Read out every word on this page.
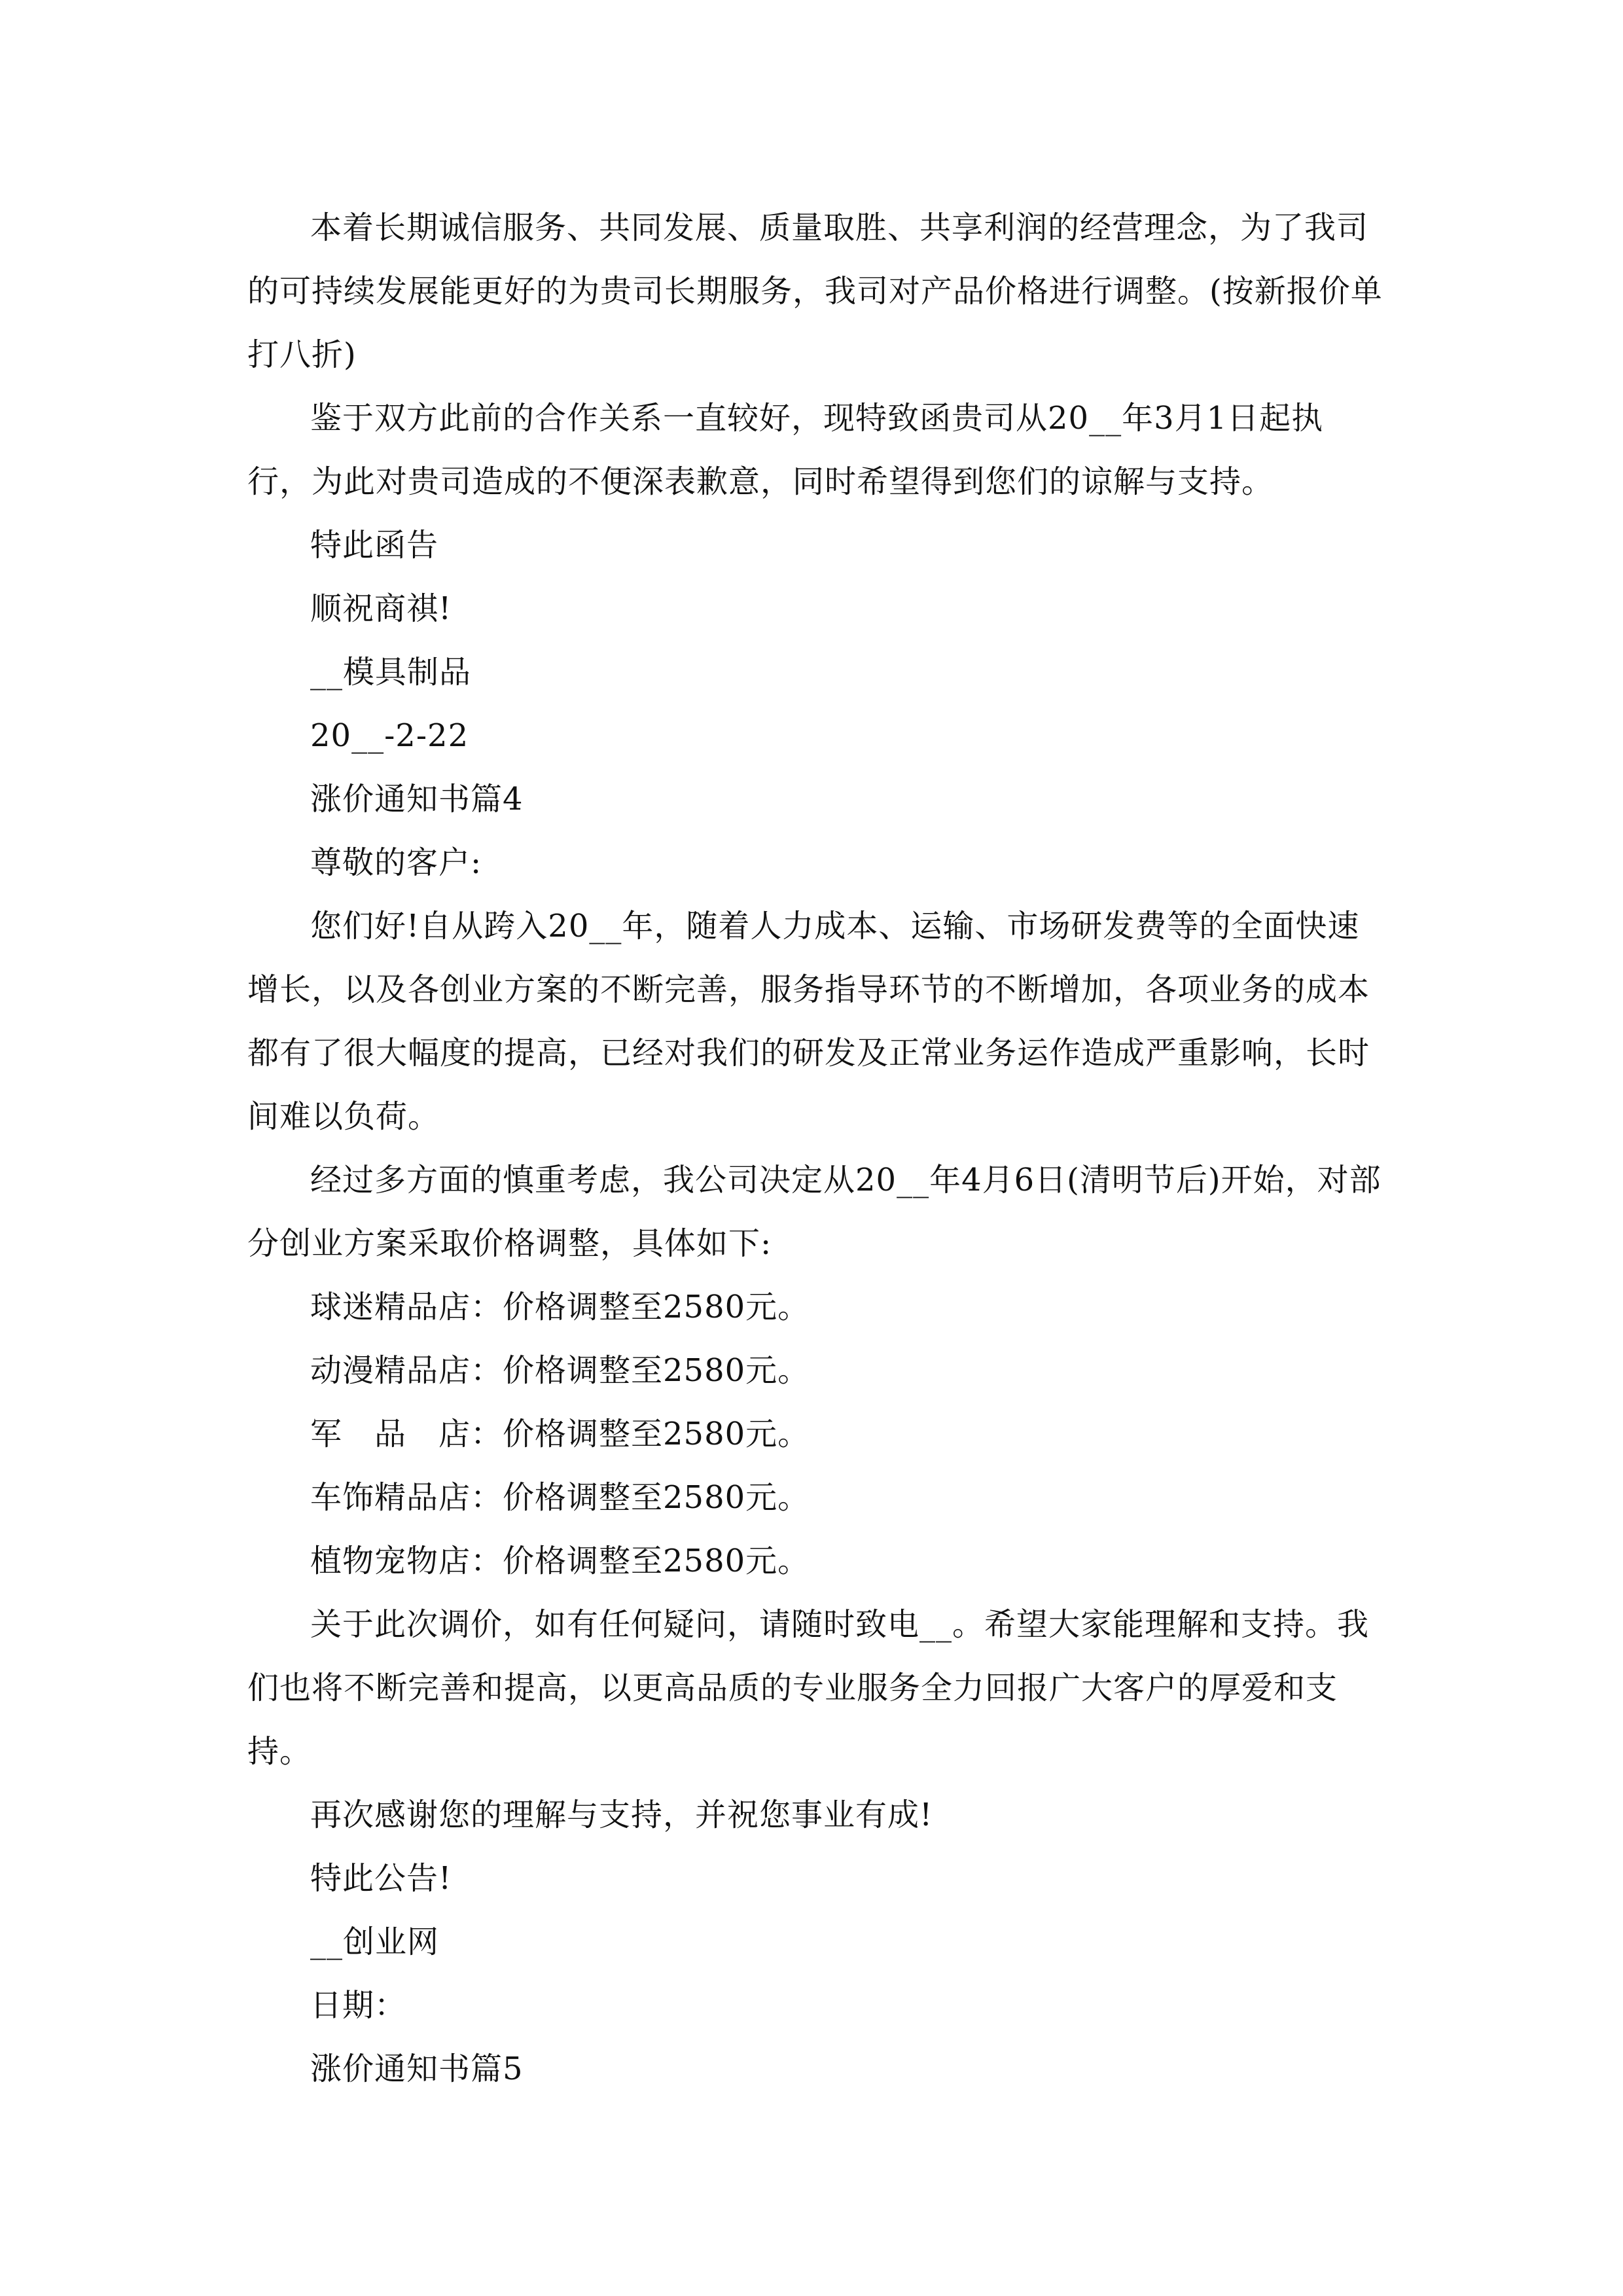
本着长期诚信服务、共同发展、质量取胜、共享利润的经营理念，为了我司的可持续发展能更好的为贵司长期服务，我司对产品价格进行调整。(按新报价单打八折)

鉴于双方此前的合作关系一直较好，现特致函贵司从20__年3月1日起执行，为此对贵司造成的不便深表歉意，同时希望得到您们的谅解与支持。

特此函告

顺祝商祺!

__模具制品

20__-2-22

涨价通知书篇4

尊敬的客户:

您们好!自从跨入20__年，随着人力成本、运输、市场研发费等的全面快速增长，以及各创业方案的不断完善，服务指导环节的不断增加，各项业务的成本都有了很大幅度的提高，已经对我们的研发及正常业务运作造成严重影响，长时间难以负荷。

经过多方面的慎重考虑，我公司决定从20__年4月6日(清明节后)开始，对部分创业方案采取价格调整，具体如下:

球迷精品店：价格调整至2580元。

动漫精品店：价格调整至2580元。

军　品　店：价格调整至2580元。

车饰精品店：价格调整至2580元。

植物宠物店：价格调整至2580元。

关于此次调价，如有任何疑问，请随时致电__。希望大家能理解和支持。我们也将不断完善和提高，以更高品质的专业服务全力回报广大客户的厚爱和支持。

再次感谢您的理解与支持，并祝您事业有成!

特此公告!

__创业网

日期：

涨价通知书篇5
